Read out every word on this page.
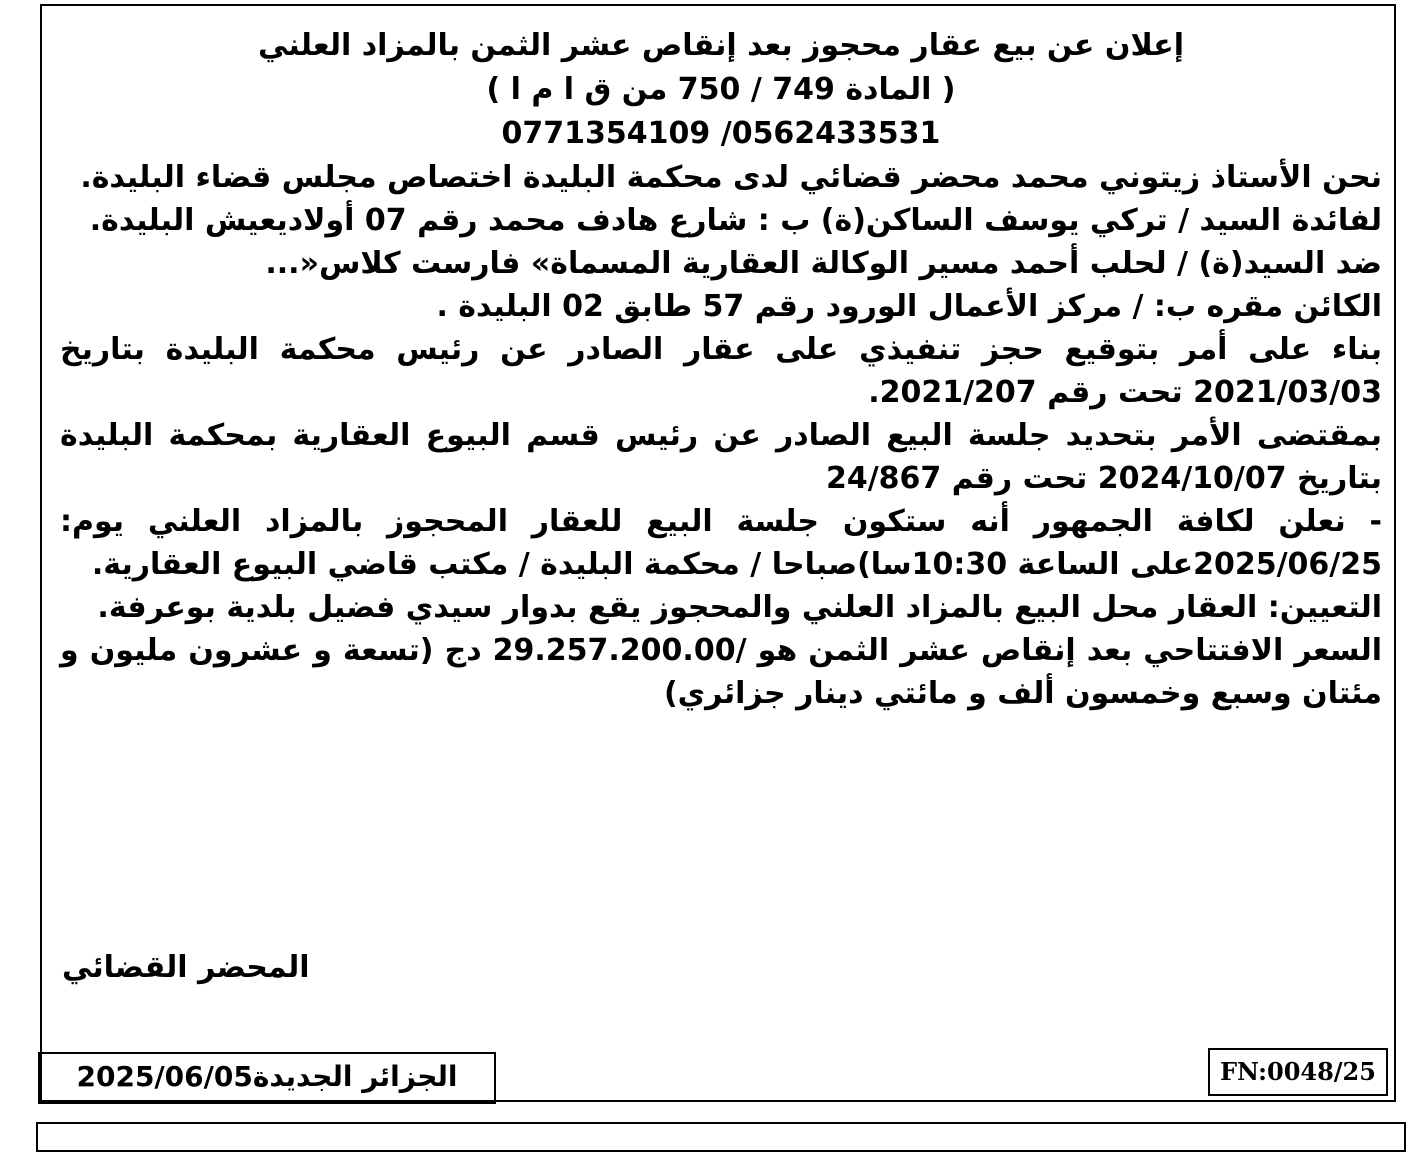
إعلان عن بيع عقار محجوز بعد إنقاص عشر الثمن بالمزاد العلني

( المادة 749 / 750 من ق ا م ا )

0771354109 /0562433531

نحن الأستاذ زيتوني محمد محضر قضائي لدى محكمة البليدة اختصاص مجلس قضاء البليدة.

لفائدة السيد / تركي يوسف الساكن(ة) ب : شارع هادف محمد رقم 07 أولاديعيش البليدة.

ضد السيد(ة) / لحلب أحمد مسير الوكالة العقارية المسماة» فارست كلاس«...

الكائن مقره ب: / مركز الأعمال الورود رقم 57 طابق 02 البليدة .

بناء على أمر بتوقيع حجز تنفيذي على عقار الصادر عن رئيس محكمة البليدة بتاريخ 2021/03/03 تحت رقم 2021/207.

بمقتضى الأمر بتحديد جلسة البيع الصادر عن رئيس قسم البيوع العقارية بمحكمة البليدة بتاريخ 2024/10/07 تحت رقم 24/867

- نعلن لكافة الجمهور أنه ستكون جلسة البيع للعقار المحجوز بالمزاد العلني يوم: 2025/06/25على الساعة 10:30سا)صباحا / محكمة البليدة / مكتب قاضي البيوع العقارية.

التعيين: العقار محل البيع بالمزاد العلني والمحجوز يقع بدوار سيدي فضيل بلدية بوعرفة.

السعر الافتتاحي بعد إنقاص عشر الثمن هو /29.257.200.00 دج (تسعة و عشرون مليون و مئتان وسبع وخمسون ألف و مائتي دينار جزائري)

المحضر القضائي
الجزائر الجديدة2025/06/05	FN:0048/25
